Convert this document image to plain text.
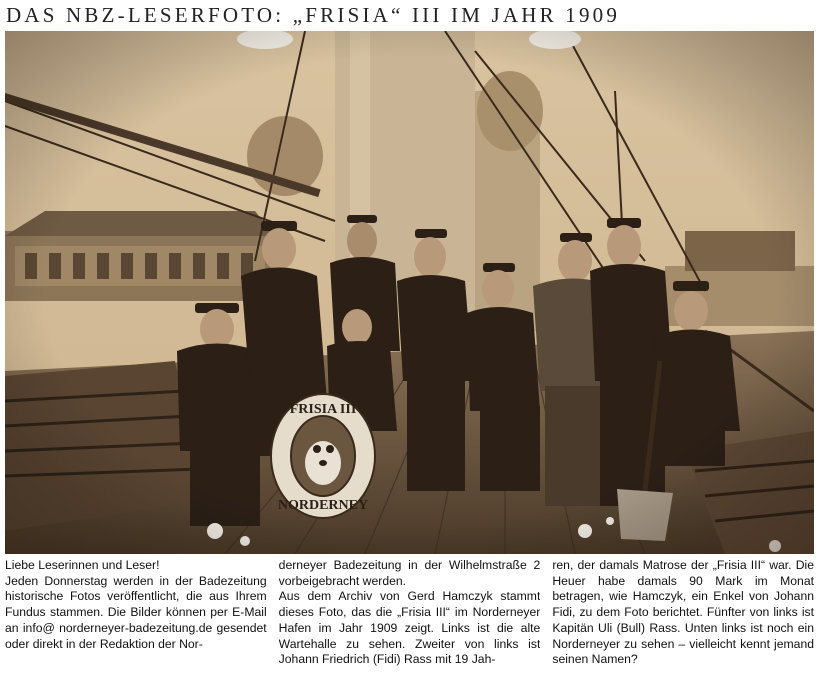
DAS NBZ-LESERFOTO: „FRISIA“ III IM JAHR 1909

Liebe Leserinnen und Leser!

Jeden Donnerstag werden in der Badezeitung historische Fotos veröffentlicht, die aus Ihrem Fundus stammen. Die Bilder können per E-Mail an info@ norderneyer-badezeitung.de gesendet oder direkt in der Redaktion der Nor-

derneyer Badezeitung in der Wilhelmstraße 2 vorbeigebracht werden.

Aus dem Archiv von Gerd Hamczyk stammt dieses Foto, das die „Frisia III“ im Norderneyer Hafen im Jahr 1909 zeigt. Links ist die alte Wartehalle zu sehen. Zweiter von links ist Johann Friedrich (Fidi) Rass mit 19 Jah-

ren, der damals Matrose der „Frisia III“ war. Die Heuer habe damals 90 Mark im Monat betragen, wie Hamczyk, ein Enkel von Johann Fidi, zu dem Foto berichtet. Fünfter von links ist Kapitän Uli (Bull) Rass. Unten links ist noch ein Norderneyer zu sehen – vielleicht kennt jemand seinen Namen?
